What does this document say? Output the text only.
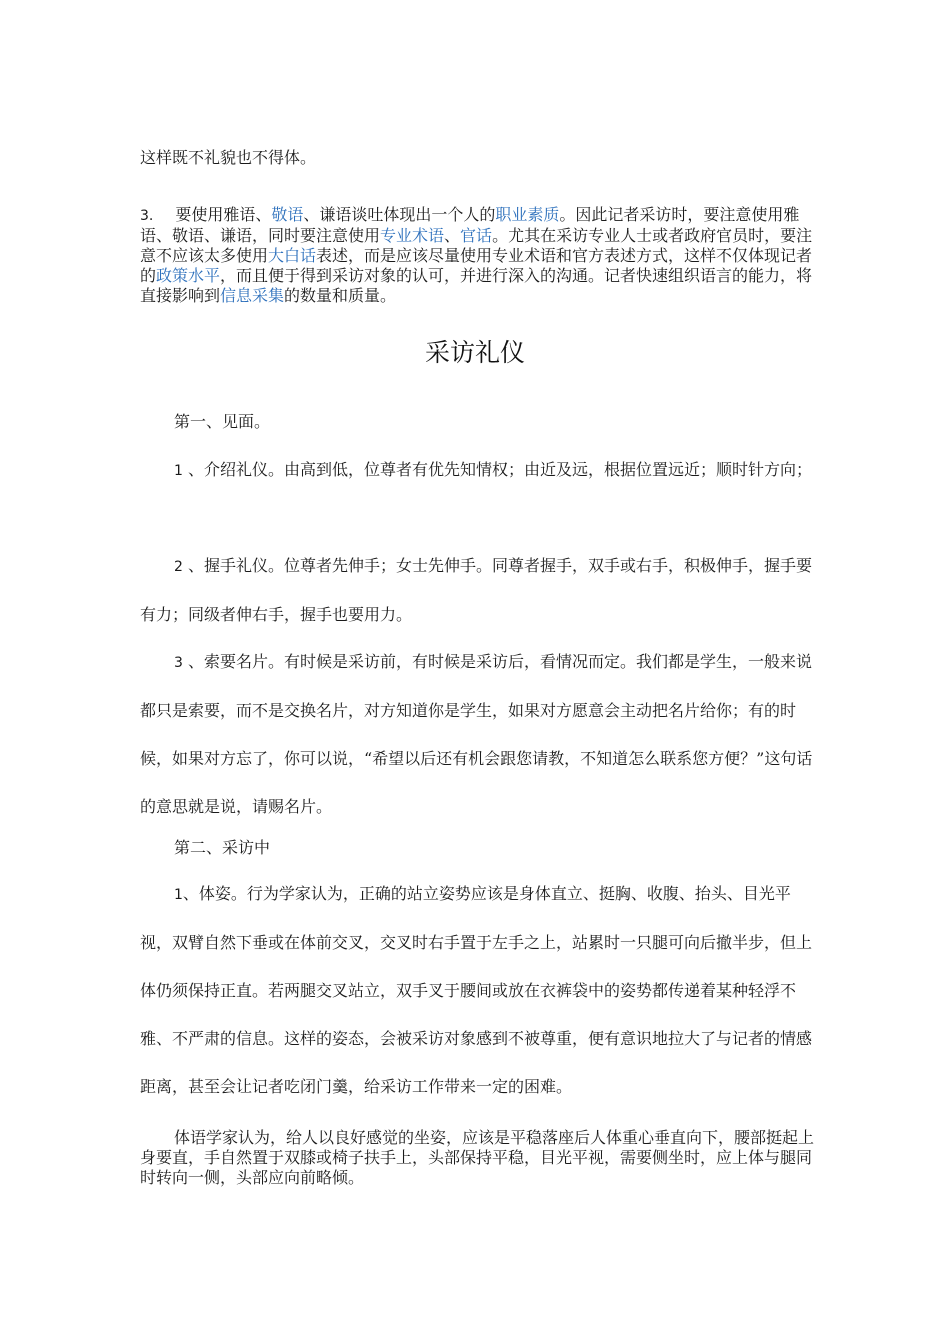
这样既不礼貌也不得体。
3. 要使用雅语、敬语、谦语谈吐体现出一个人的职业素质。因此记者采访时，要注意使用雅语、敬语、谦语，同时要注意使用专业术语、官话。尤其在采访专业人士或者政府官员时，要注意不应该太多使用大白话表述，而是应该尽量使用专业术语和官方表述方式，这样不仅体现记者的政策水平，而且便于得到采访对象的认可，并进行深入的沟通。记者快速组织语言的能力，将直接影响到信息采集的数量和质量。
采访礼仪
第一、见面。
1 、介绍礼仪。由高到低，位尊者有优先知情权；由近及远，根据位置远近；顺时针方向；
2 、握手礼仪。位尊者先伸手；女士先伸手。同尊者握手，双手或右手，积极伸手，握手要有力；同级者伸右手，握手也要用力。
3 、索要名片。有时候是采访前，有时候是采访后，看情况而定。我们都是学生，一般来说都只是索要，而不是交换名片，对方知道你是学生，如果对方愿意会主动把名片给你；有的时候，如果对方忘了，你可以说，“希望以后还有机会跟您请教，不知道怎么联系您方便？”这句话的意思就是说，请赐名片。
第二、采访中
1、体姿。行为学家认为，正确的站立姿势应该是身体直立、挺胸、收腹、抬头、目光平视，双臂自然下垂或在体前交叉，交叉时右手置于左手之上，站累时一只腿可向后撤半步，但上体仍须保持正直。若两腿交叉站立，双手叉于腰间或放在衣裤袋中的姿势都传递着某种轻浮不雅、不严肃的信息。这样的姿态，会被采访对象感到不被尊重，便有意识地拉大了与记者的情感距离，甚至会让记者吃闭门羹，给采访工作带来一定的困难。
体语学家认为，给人以良好感觉的坐姿，应该是平稳落座后人体重心垂直向下，腰部挺起上身要直，手自然置于双膝或椅子扶手上，头部保持平稳，目光平视，需要侧坐时，应上体与腿同时转向一侧，头部应向前略倾。
